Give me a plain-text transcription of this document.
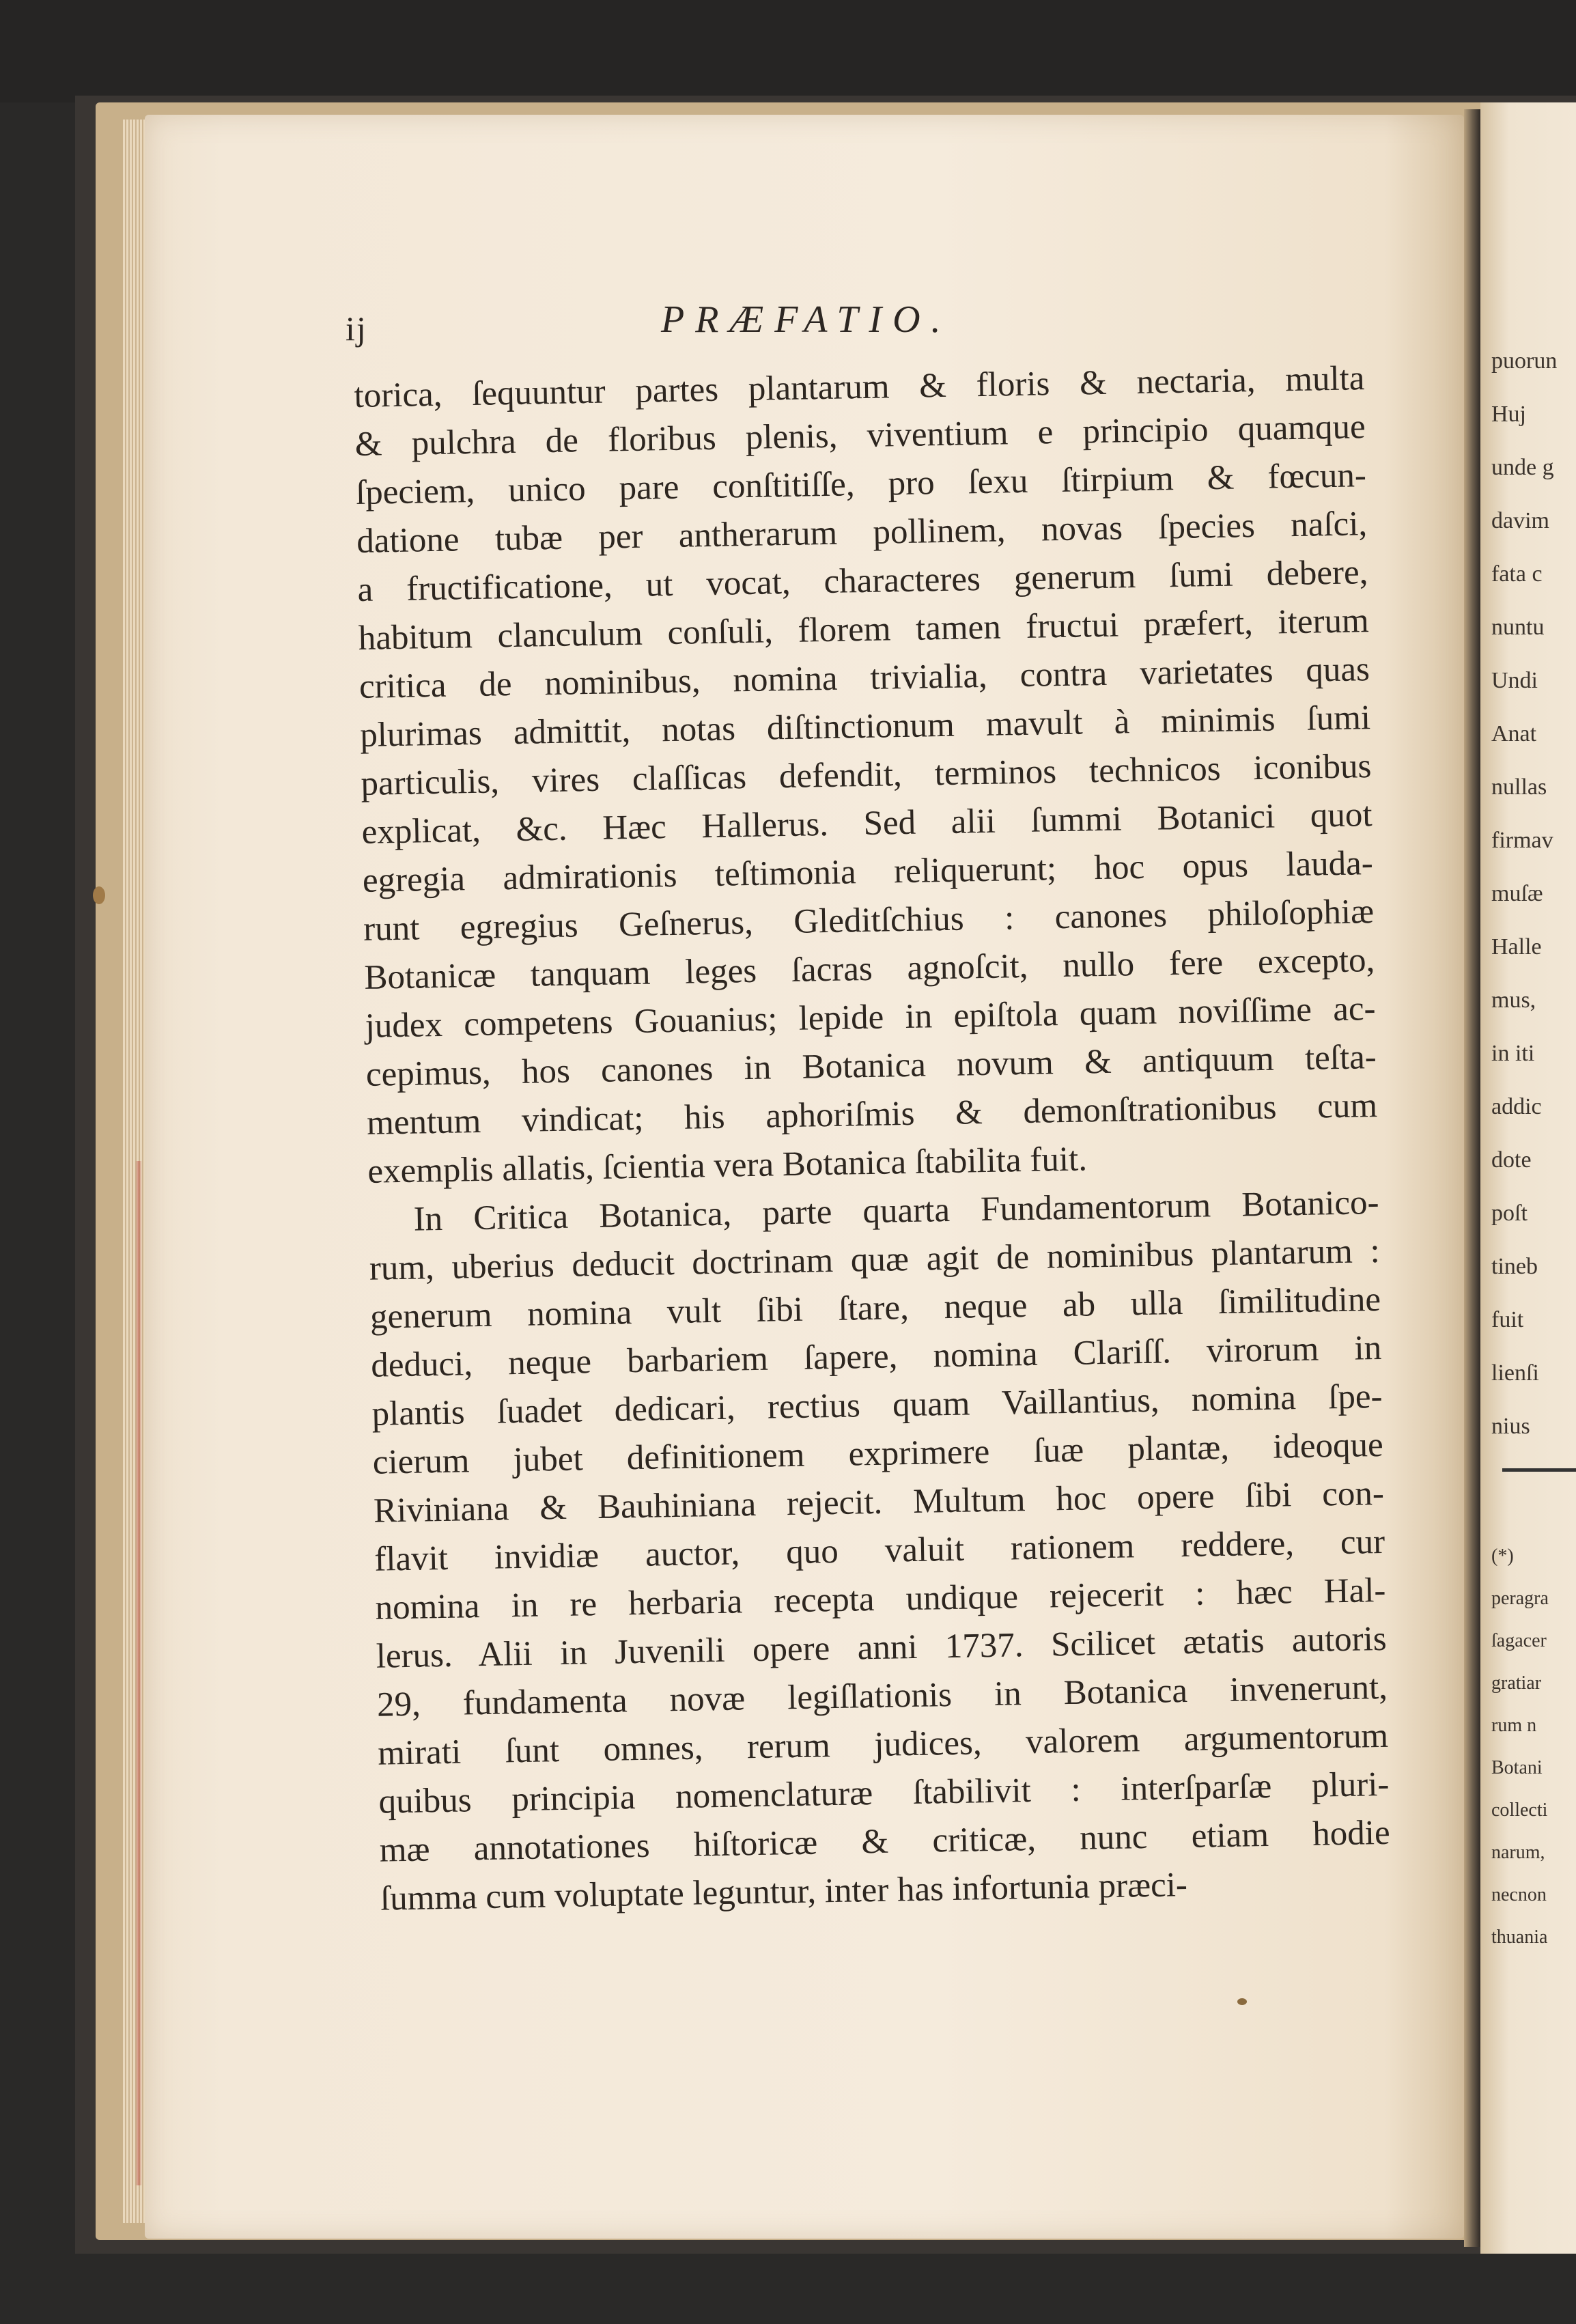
puorun
Huj
unde g
davim
fata c
nuntu
Undi
Anat
nullas
firmav
muſæ
Halle
mus,
in iti
addic
dote
poſt
tineb
fuit
lienſi
nius
(*)
peragra
ſagacer
gratiar
rum n
Botani
collecti
narum,
necnon
thuania
ij	PRÆFATIO.
torica, ſequuntur partes plantarum & floris & nectaria, multa
& pulchra de floribus plenis, viventium e principio quamque
ſpeciem, unico pare conſtitiſſe, pro ſexu ſtirpium & fœcun-
datione tubæ per antherarum pollinem, novas ſpecies naſci,
a fructificatione, ut vocat, characteres generum ſumi debere,
habitum clanculum conſuli, florem tamen fructui præfert, iterum
critica de nominibus, nomina trivialia, contra varietates quas
plurimas admittit, notas diſtinctionum mavult à minimis ſumi
particulis, vires claſſicas defendit, terminos technicos iconibus
explicat, &c. Hæc Hallerus. Sed alii ſummi Botanici quot
egregia admirationis teſtimonia reliquerunt; hoc opus lauda-
runt egregius Geſnerus, Gleditſchius : canones philoſophiæ
Botanicæ tanquam leges ſacras agnoſcit, nullo fere excepto,
judex competens Gouanius; lepide in epiſtola quam noviſſime ac-
cepimus, hos canones in Botanica novum & antiquum teſta-
mentum vindicat; his aphoriſmis & demonſtrationibus cum
exemplis allatis, ſcientia vera Botanica ſtabilita fuit.
In Critica Botanica, parte quarta Fundamentorum Botanico-
rum, uberius deducit doctrinam quæ agit de nominibus plantarum :
generum nomina vult ſibi ſtare, neque ab ulla ſimilitudine
deduci, neque barbariem ſapere, nomina Clariſſ. virorum in
plantis ſuadet dedicari, rectius quam Vaillantius, nomina ſpe-
cierum jubet definitionem exprimere ſuæ plantæ, ideoque
Riviniana & Bauhiniana rejecit. Multum hoc opere ſibi con-
flavit invidiæ auctor, quo valuit rationem reddere, cur
nomina in re herbaria recepta undique rejecerit : hæc Hal-
lerus. Alii in Juvenili opere anni 1737. Scilicet ætatis autoris
29, fundamenta novæ legiſlationis in Botanica invenerunt,
mirati ſunt omnes, rerum judices, valorem argumentorum
quibus principia nomenclaturæ ſtabilivit : interſparſæ pluri-
mæ annotationes hiſtoricæ & criticæ, nunc etiam hodie
ſumma cum voluptate leguntur, inter has infortunia præci-
